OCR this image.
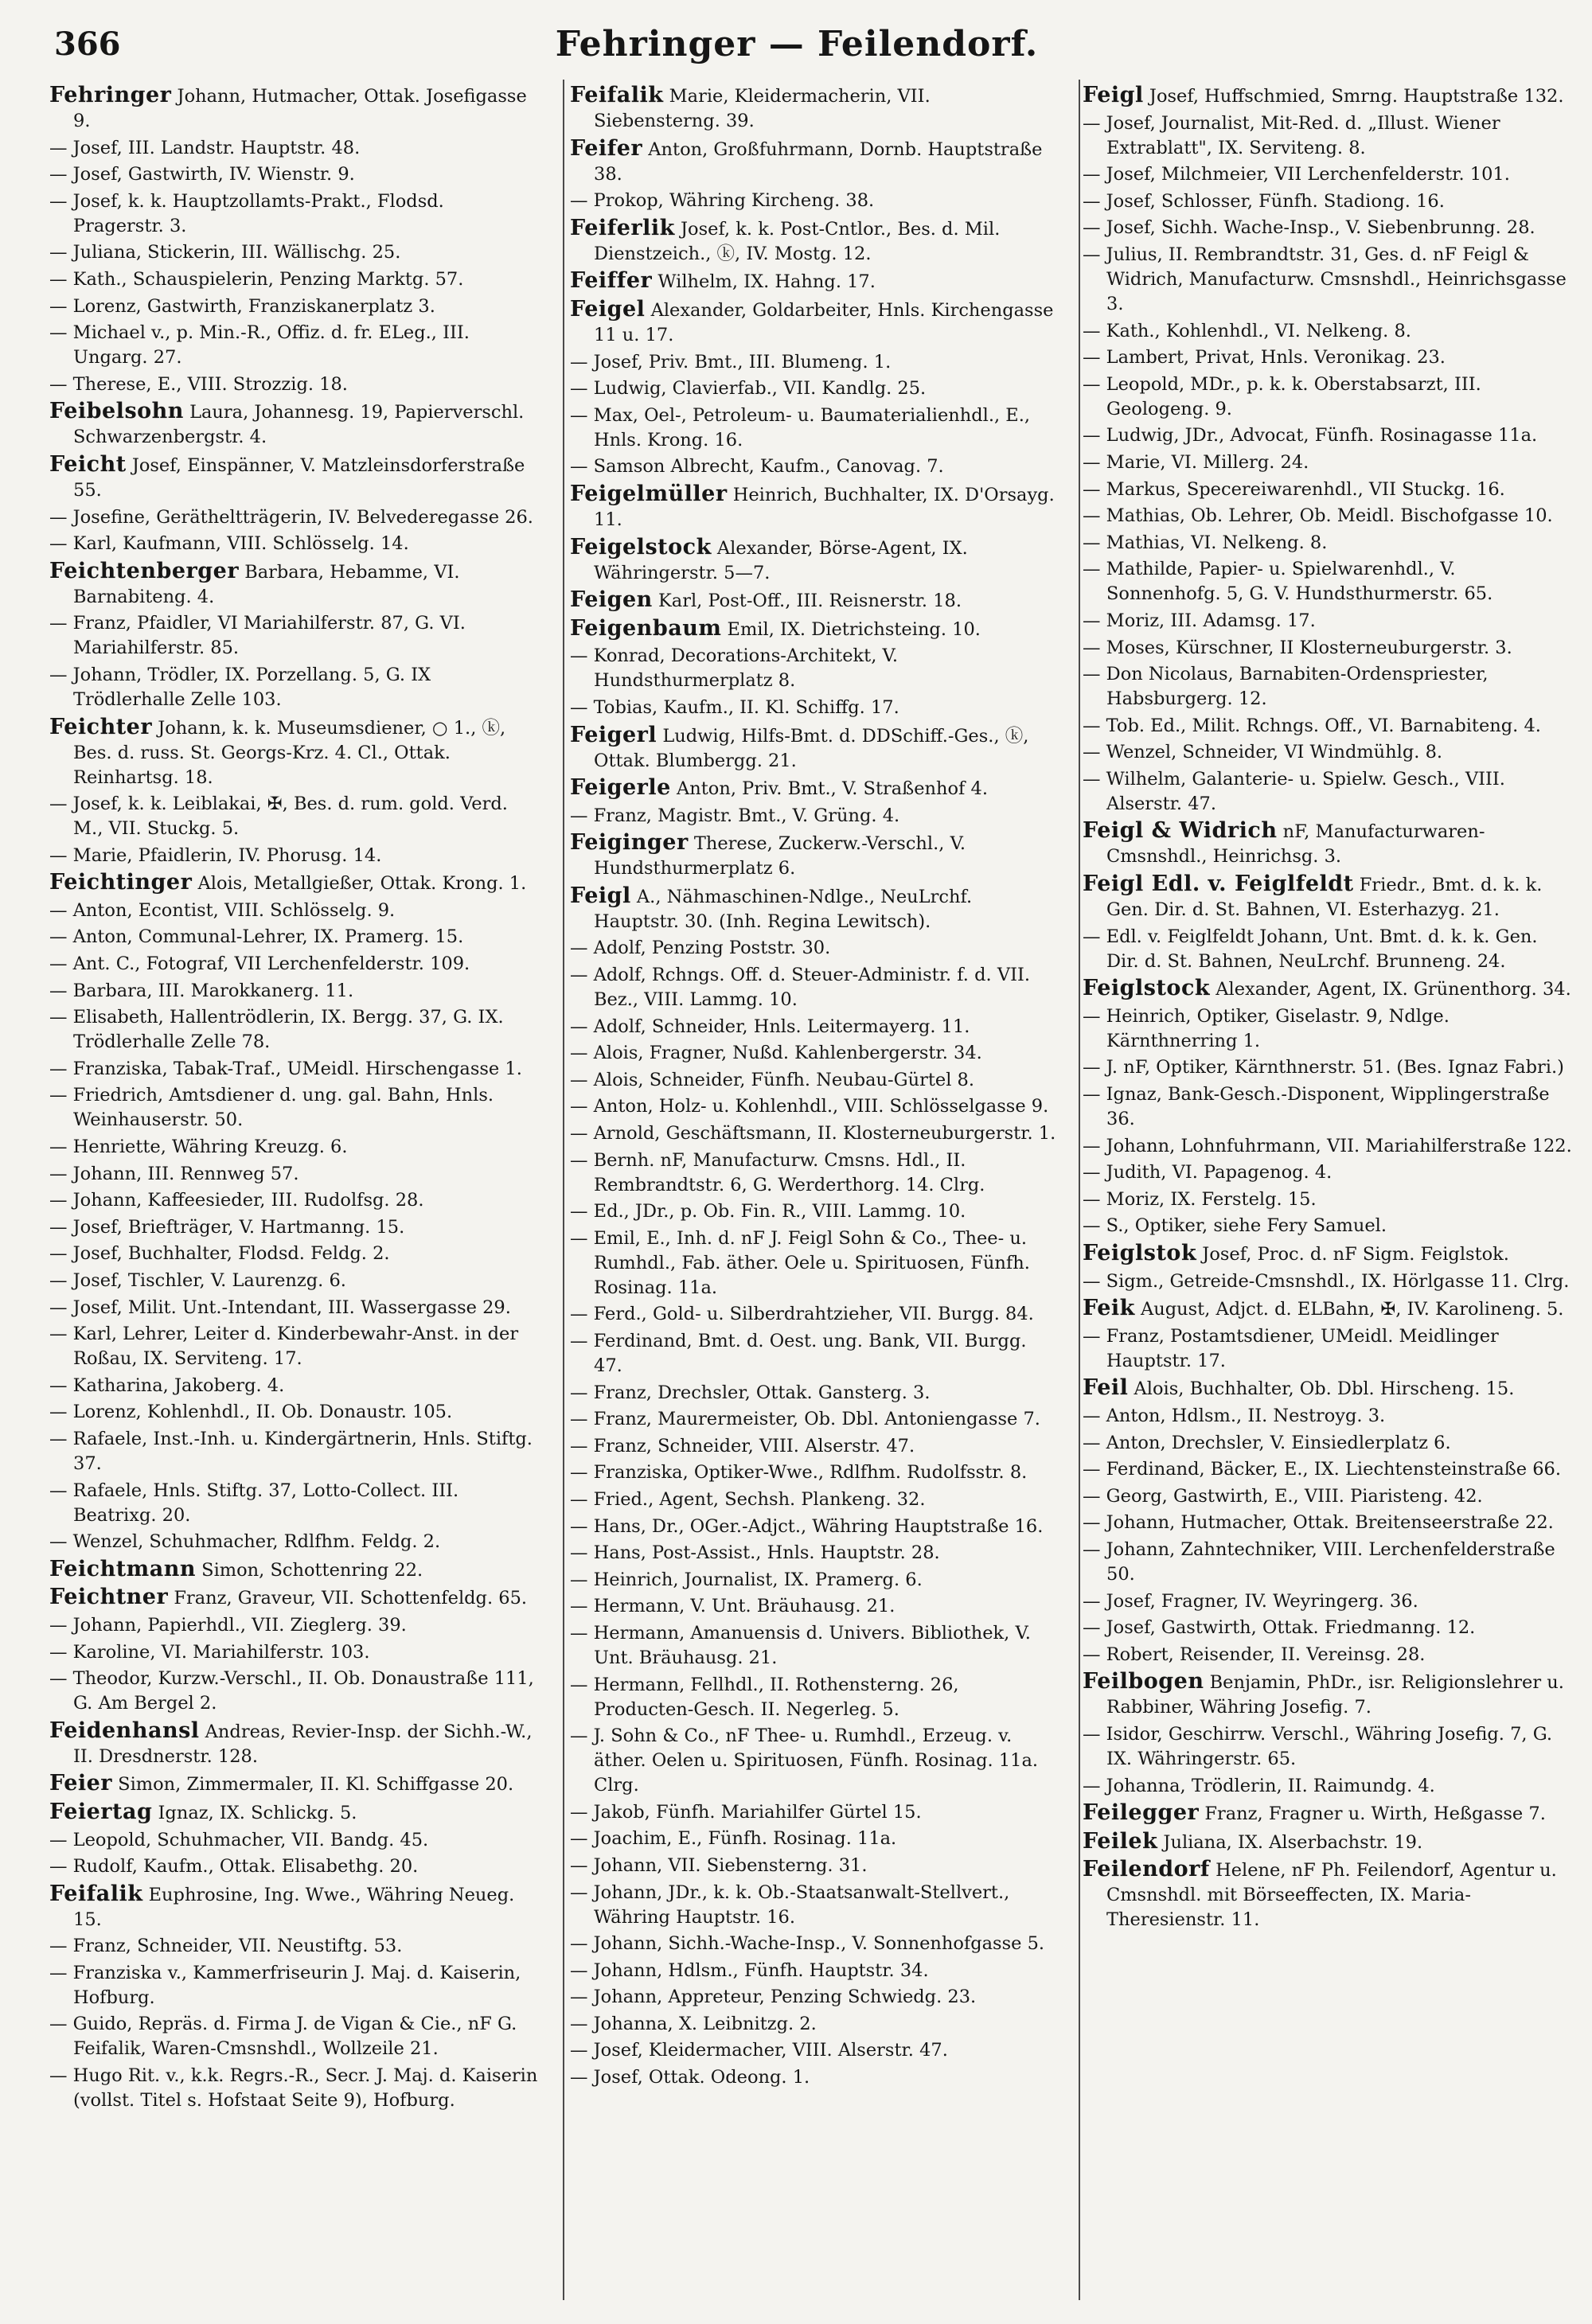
366	Fehringer — Feilendorf.

Fehringer Johann, Hutmacher, Ottak. Josefigasse 9.

— Josef, III. Landstr. Hauptstr. 48.

— Josef, Gastwirth, IV. Wienstr. 9.

— Josef, k. k. Hauptzollamts-Prakt., Flodsd. Pragerstr. 3.

— Juliana, Stickerin, III. Wällischg. 25.

— Kath., Schauspielerin, Penzing Marktg. 57.

— Lorenz, Gastwirth, Franziskanerplatz 3.

— Michael v., p. Min.-R., Offiz. d. fr. ELeg., III. Ungarg. 27.

— Therese, E., VIII. Strozzig. 18.

Feibelsohn Laura, Johannesg. 19, Papierverschl. Schwarzenbergstr. 4.

Feicht Josef, Einspänner, V. Matzleinsdorferstraße 55.

— Josefine, Gerätheltträgerin, IV. Belvederegasse 26.

— Karl, Kaufmann, VIII. Schlösselg. 14.

Feichtenberger Barbara, Hebamme, VI. Barnabiteng. 4.

— Franz, Pfaidler, VI Mariahilferstr. 87, G. VI. Mariahilferstr. 85.

— Johann, Trödler, IX. Porzellang. 5, G. IX Trödlerhalle Zelle 103.

Feichter Johann, k. k. Museumsdiener, ○ 1., ⓚ, Bes. d. russ. St. Georgs-Krz. 4. Cl., Ottak. Reinhartsg. 18.

— Josef, k. k. Leiblakai, ✠, Bes. d. rum. gold. Verd. M., VII. Stuckg. 5.

— Marie, Pfaidlerin, IV. Phorusg. 14.

Feichtinger Alois, Metallgießer, Ottak. Krong. 1.

— Anton, Econtist, VIII. Schlösselg. 9.

— Anton, Communal-Lehrer, IX. Pramerg. 15.

— Ant. C., Fotograf, VII Lerchenfelderstr. 109.

— Barbara, III. Marokkanerg. 11.

— Elisabeth, Hallentrödlerin, IX. Bergg. 37, G. IX. Trödlerhalle Zelle 78.

— Franziska, Tabak-Traf., UMeidl. Hirschengasse 1.

— Friedrich, Amtsdiener d. ung. gal. Bahn, Hnls. Weinhauserstr. 50.

— Henriette, Währing Kreuzg. 6.

— Johann, III. Rennweg 57.

— Johann, Kaffeesieder, III. Rudolfsg. 28.

— Josef, Briefträger, V. Hartmanng. 15.

— Josef, Buchhalter, Flodsd. Feldg. 2.

— Josef, Tischler, V. Laurenzg. 6.

— Josef, Milit. Unt.-Intendant, III. Wassergasse 29.

— Karl, Lehrer, Leiter d. Kinderbewahr-Anst. in der Roßau, IX. Serviteng. 17.

— Katharina, Jakoberg. 4.

— Lorenz, Kohlenhdl., II. Ob. Donaustr. 105.

— Rafaele, Inst.-Inh. u. Kindergärtnerin, Hnls. Stiftg. 37.

— Rafaele, Hnls. Stiftg. 37, Lotto-Collect. III. Beatrixg. 20.

— Wenzel, Schuhmacher, Rdlfhm. Feldg. 2.

Feichtmann Simon, Schottenring 22.

Feichtner Franz, Graveur, VII. Schottenfeldg. 65.

— Johann, Papierhdl., VII. Zieglerg. 39.

— Karoline, VI. Mariahilferstr. 103.

— Theodor, Kurzw.-Verschl., II. Ob. Donaustraße 111, G. Am Bergel 2.

Feidenhansl Andreas, Revier-Insp. der Sichh.-W., II. Dresdnerstr. 128.

Feier Simon, Zimmermaler, II. Kl. Schiffgasse 20.

Feiertag Ignaz, IX. Schlickg. 5.

— Leopold, Schuhmacher, VII. Bandg. 45.

— Rudolf, Kaufm., Ottak. Elisabethg. 20.

Feifalik Euphrosine, Ing. Wwe., Währing Neueg. 15.

— Franz, Schneider, VII. Neustiftg. 53.

— Franziska v., Kammerfriseurin J. Maj. d. Kaiserin, Hofburg.

— Guido, Repräs. d. Firma J. de Vigan & Cie., nF G. Feifalik, Waren-Cmsnshdl., Wollzeile 21.

— Hugo Rit. v., k.k. Regrs.-R., Secr. J. Maj. d. Kaiserin (vollst. Titel s. Hofstaat Seite 9), Hofburg.

Feifalik Marie, Kleidermacherin, VII. Siebensterng. 39.

Feifer Anton, Großfuhrmann, Dornb. Hauptstraße 38.

— Prokop, Währing Kircheng. 38.

Feiferlik Josef, k. k. Post-Cntlor., Bes. d. Mil. Dienstzeich., ⓚ, IV. Mostg. 12.

Feiffer Wilhelm, IX. Hahng. 17.

Feigel Alexander, Goldarbeiter, Hnls. Kirchengasse 11 u. 17.

— Josef, Priv. Bmt., III. Blumeng. 1.

— Ludwig, Clavierfab., VII. Kandlg. 25.

— Max, Oel-, Petroleum- u. Baumaterialienhdl., E., Hnls. Krong. 16.

— Samson Albrecht, Kaufm., Canovag. 7.

Feigelmüller Heinrich, Buchhalter, IX. D'Orsayg. 11.

Feigelstock Alexander, Börse-Agent, IX. Währingerstr. 5—7.

Feigen Karl, Post-Off., III. Reisnerstr. 18.

Feigenbaum Emil, IX. Dietrichsteing. 10.

— Konrad, Decorations-Architekt, V. Hundsthurmerplatz 8.

— Tobias, Kaufm., II. Kl. Schiffg. 17.

Feigerl Ludwig, Hilfs-Bmt. d. DDSchiff.-Ges., ⓚ, Ottak. Blumbergg. 21.

Feigerle Anton, Priv. Bmt., V. Straßenhof 4.

— Franz, Magistr. Bmt., V. Grüng. 4.

Feiginger Therese, Zuckerw.-Verschl., V. Hundsthurmerplatz 6.

Feigl A., Nähmaschinen-Ndlge., NeuLrchf. Hauptstr. 30. (Inh. Regina Lewitsch).

— Adolf, Penzing Poststr. 30.

— Adolf, Rchngs. Off. d. Steuer-Administr. f. d. VII. Bez., VIII. Lammg. 10.

— Adolf, Schneider, Hnls. Leitermayerg. 11.

— Alois, Fragner, Nußd. Kahlenbergerstr. 34.

— Alois, Schneider, Fünfh. Neubau-Gürtel 8.

— Anton, Holz- u. Kohlenhdl., VIII. Schlösselgasse 9.

— Arnold, Geschäftsmann, II. Klosterneuburgerstr. 1.

— Bernh. nF, Manufacturw. Cmsns. Hdl., II. Rembrandtstr. 6, G. Werderthorg. 14. Clrg.

— Ed., JDr., p. Ob. Fin. R., VIII. Lammg. 10.

— Emil, E., Inh. d. nF J. Feigl Sohn & Co., Thee- u. Rumhdl., Fab. äther. Oele u. Spirituosen, Fünfh. Rosinag. 11a.

— Ferd., Gold- u. Silberdrahtzieher, VII. Burgg. 84.

— Ferdinand, Bmt. d. Oest. ung. Bank, VII. Burgg. 47.

— Franz, Drechsler, Ottak. Gansterg. 3.

— Franz, Maurermeister, Ob. Dbl. Antoniengasse 7.

— Franz, Schneider, VIII. Alserstr. 47.

— Franziska, Optiker-Wwe., Rdlfhm. Rudolfsstr. 8.

— Fried., Agent, Sechsh. Plankeng. 32.

— Hans, Dr., OGer.-Adjct., Währing Hauptstraße 16.

— Hans, Post-Assist., Hnls. Hauptstr. 28.

— Heinrich, Journalist, IX. Pramerg. 6.

— Hermann, V. Unt. Bräuhausg. 21.

— Hermann, Amanuensis d. Univers. Bibliothek, V. Unt. Bräuhausg. 21.

— Hermann, Fellhdl., II. Rothensterng. 26, Producten-Gesch. II. Negerleg. 5.

— J. Sohn & Co., nF Thee- u. Rumhdl., Erzeug. v. äther. Oelen u. Spirituosen, Fünfh. Rosinag. 11a. Clrg.

— Jakob, Fünfh. Mariahilfer Gürtel 15.

— Joachim, E., Fünfh. Rosinag. 11a.

— Johann, VII. Siebensterng. 31.

— Johann, JDr., k. k. Ob.-Staatsanwalt-Stellvert., Währing Hauptstr. 16.

— Johann, Sichh.-Wache-Insp., V. Sonnenhofgasse 5.

— Johann, Hdlsm., Fünfh. Hauptstr. 34.

— Johann, Appreteur, Penzing Schwiedg. 23.

— Johanna, X. Leibnitzg. 2.

— Josef, Kleidermacher, VIII. Alserstr. 47.

— Josef, Ottak. Odeong. 1.

Feigl Josef, Huffschmied, Smrng. Hauptstraße 132.

— Josef, Journalist, Mit-Red. d. „Illust. Wiener Extrablatt", IX. Serviteng. 8.

— Josef, Milchmeier, VII Lerchenfelderstr. 101.

— Josef, Schlosser, Fünfh. Stadiong. 16.

— Josef, Sichh. Wache-Insp., V. Siebenbrunng. 28.

— Julius, II. Rembrandtstr. 31, Ges. d. nF Feigl & Widrich, Manufacturw. Cmsnshdl., Heinrichsgasse 3.

— Kath., Kohlenhdl., VI. Nelkeng. 8.

— Lambert, Privat, Hnls. Veronikag. 23.

— Leopold, MDr., p. k. k. Oberstabsarzt, III. Geologeng. 9.

— Ludwig, JDr., Advocat, Fünfh. Rosinagasse 11a.

— Marie, VI. Millerg. 24.

— Markus, Specereiwarenhdl., VII Stuckg. 16.

— Mathias, Ob. Lehrer, Ob. Meidl. Bischofgasse 10.

— Mathias, VI. Nelkeng. 8.

— Mathilde, Papier- u. Spielwarenhdl., V. Sonnenhofg. 5, G. V. Hundsthurmerstr. 65.

— Moriz, III. Adamsg. 17.

— Moses, Kürschner, II Klosterneuburgerstr. 3.

— Don Nicolaus, Barnabiten-Ordenspriester, Habsburgerg. 12.

— Tob. Ed., Milit. Rchngs. Off., VI. Barnabiteng. 4.

— Wenzel, Schneider, VI Windmühlg. 8.

— Wilhelm, Galanterie- u. Spielw. Gesch., VIII. Alserstr. 47.

Feigl & Widrich nF, Manufacturwaren-Cmsnshdl., Heinrichsg. 3.

Feigl Edl. v. Feiglfeldt Friedr., Bmt. d. k. k. Gen. Dir. d. St. Bahnen, VI. Esterhazyg. 21.

— Edl. v. Feiglfeldt Johann, Unt. Bmt. d. k. k. Gen. Dir. d. St. Bahnen, NeuLrchf. Brunneng. 24.

Feiglstock Alexander, Agent, IX. Grünenthorg. 34.

— Heinrich, Optiker, Giselastr. 9, Ndlge. Kärnthnerring 1.

— J. nF, Optiker, Kärnthnerstr. 51. (Bes. Ignaz Fabri.)

— Ignaz, Bank-Gesch.-Disponent, Wipplingerstraße 36.

— Johann, Lohnfuhrmann, VII. Mariahilferstraße 122.

— Judith, VI. Papagenog. 4.

— Moriz, IX. Ferstelg. 15.

— S., Optiker, siehe Fery Samuel.

Feiglstok Josef, Proc. d. nF Sigm. Feiglstok.

— Sigm., Getreide-Cmsnshdl., IX. Hörlgasse 11. Clrg.

Feik August, Adjct. d. ELBahn, ✠, IV. Karolineng. 5.

— Franz, Postamtsdiener, UMeidl. Meidlinger Hauptstr. 17.

Feil Alois, Buchhalter, Ob. Dbl. Hirscheng. 15.

— Anton, Hdlsm., II. Nestroyg. 3.

— Anton, Drechsler, V. Einsiedlerplatz 6.

— Ferdinand, Bäcker, E., IX. Liechtensteinstraße 66.

— Georg, Gastwirth, E., VIII. Piaristeng. 42.

— Johann, Hutmacher, Ottak. Breitenseerstraße 22.

— Johann, Zahntechniker, VIII. Lerchenfelderstraße 50.

— Josef, Fragner, IV. Weyringerg. 36.

— Josef, Gastwirth, Ottak. Friedmanng. 12.

— Robert, Reisender, II. Vereinsg. 28.

Feilbogen Benjamin, PhDr., isr. Religionslehrer u. Rabbiner, Währing Josefig. 7.

— Isidor, Geschirrw. Verschl., Währing Josefig. 7, G. IX. Währingerstr. 65.

— Johanna, Trödlerin, II. Raimundg. 4.

Feilegger Franz, Fragner u. Wirth, Heßgasse 7.

Feilek Juliana, IX. Alserbachstr. 19.

Feilendorf Helene, nF Ph. Feilendorf, Agentur u. Cmsnshdl. mit Börseeffecten, IX. Maria-Theresienstr. 11.
